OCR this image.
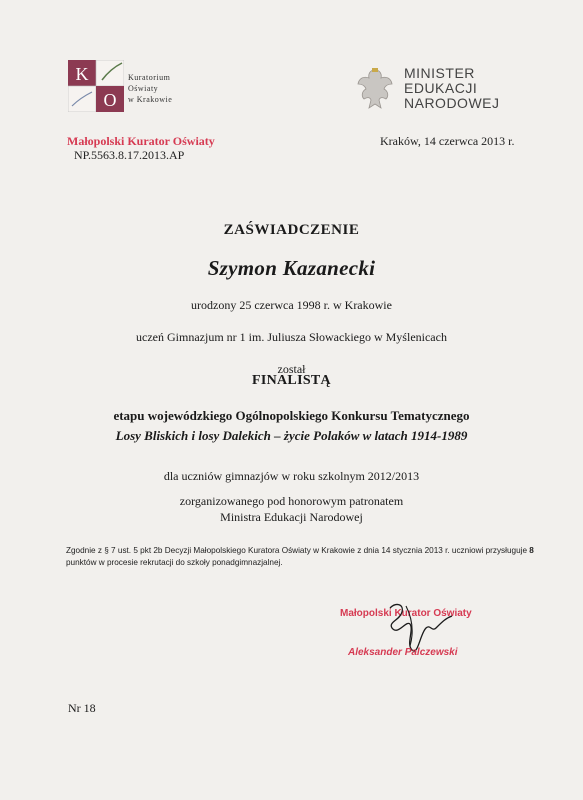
K
O
Kuratorium
Oświaty
w Krakowie
MINISTER
EDUKACJI
NARODOWEJ
Małopolski Kurator Oświaty
NP.5563.8.17.2013.AP
Kraków, 14 czerwca 2013 r.
ZAŚWIADCZENIE
Szymon Kazanecki
urodzony 25 czerwca 1998 r. w Krakowie
uczeń Gimnazjum nr 1 im. Juliusza Słowackiego w Myślenicach
został
FINALISTĄ
etapu wojewódzkiego Ogólnopolskiego Konkursu Tematycznego
Losy Bliskich i losy Dalekich – życie Polaków w latach 1914-1989
dla uczniów gimnazjów w roku szkolnym 2012/2013
zorganizowanego pod honorowym patronatem
Ministra Edukacji Narodowej
Zgodnie z § 7 ust. 5 pkt 2b Decyzji Małopolskiego Kuratora Oświaty w Krakowie z dnia 14 stycznia 2013 r. uczniowi przysługuje 8 punktów w procesie rekrutacji do szkoły ponadgimnazjalnej.
Małopolski Kurator Oświaty
Aleksander Palczewski
Nr 18
